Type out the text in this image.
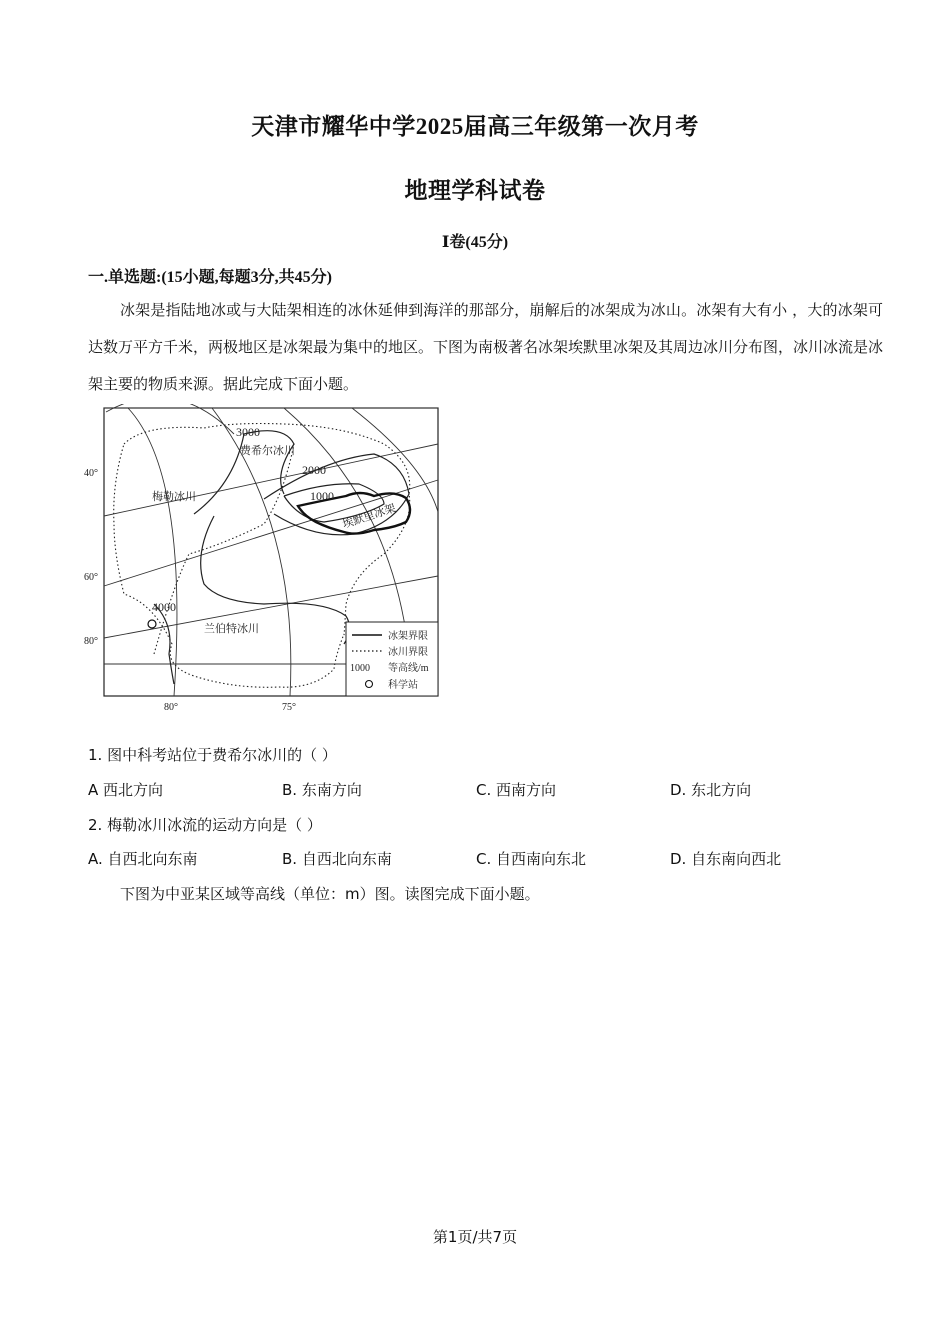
天津市耀华中学2025届高三年级第一次月考
地理学科试卷
Ⅰ卷(45分)
一.单选题:(15小题,每题3分,共45分)
冰架是指陆地冰或与大陆架相连的冰休延伸到海洋的那部分，崩解后的冰架成为冰山。冰架有大有小 ，大的冰架可达数万平方千米，两极地区是冰架最为集中的地区。下图为南极著名冰架埃默里冰架及其周边冰川分布图，冰川冰流是冰架主要的物质来源。据此完成下面小题。
3000
费希尔冰川
2000
1000
梅勒冰川
埃默里冰架
4000
兰伯特冰川
40°
60°
80°
80°	75°
冰架界限
冰川界限
1000 等高线/m
科学站
1. 图中科考站位于费希尔冰川的（ ）
A 西北方向	B. 东南方向	C. 西南方向	D. 东北方向
2. 梅勒冰川冰流的运动方向是（ ）
A. 自西北向东南	B. 自西北向东南	C. 自西南向东北	D. 自东南向西北
下图为中亚某区域等高线（单位：m）图。读图完成下面小题。
第1页/共7页
